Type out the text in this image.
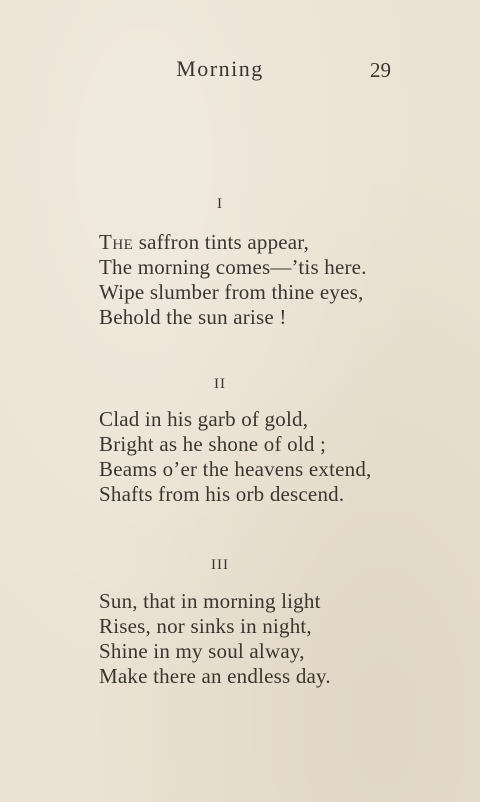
Morning	29
I
The saffron tints appear,
The morning comes—’tis here.
Wipe slumber from thine eyes,
Behold the sun arise !
II
Clad in his garb of gold,
Bright as he shone of old ;
Beams o’er the heavens extend,
Shafts from his orb descend.
III
Sun, that in morning light
Rises, nor sinks in night,
Shine in my soul alway,
Make there an endless day.
